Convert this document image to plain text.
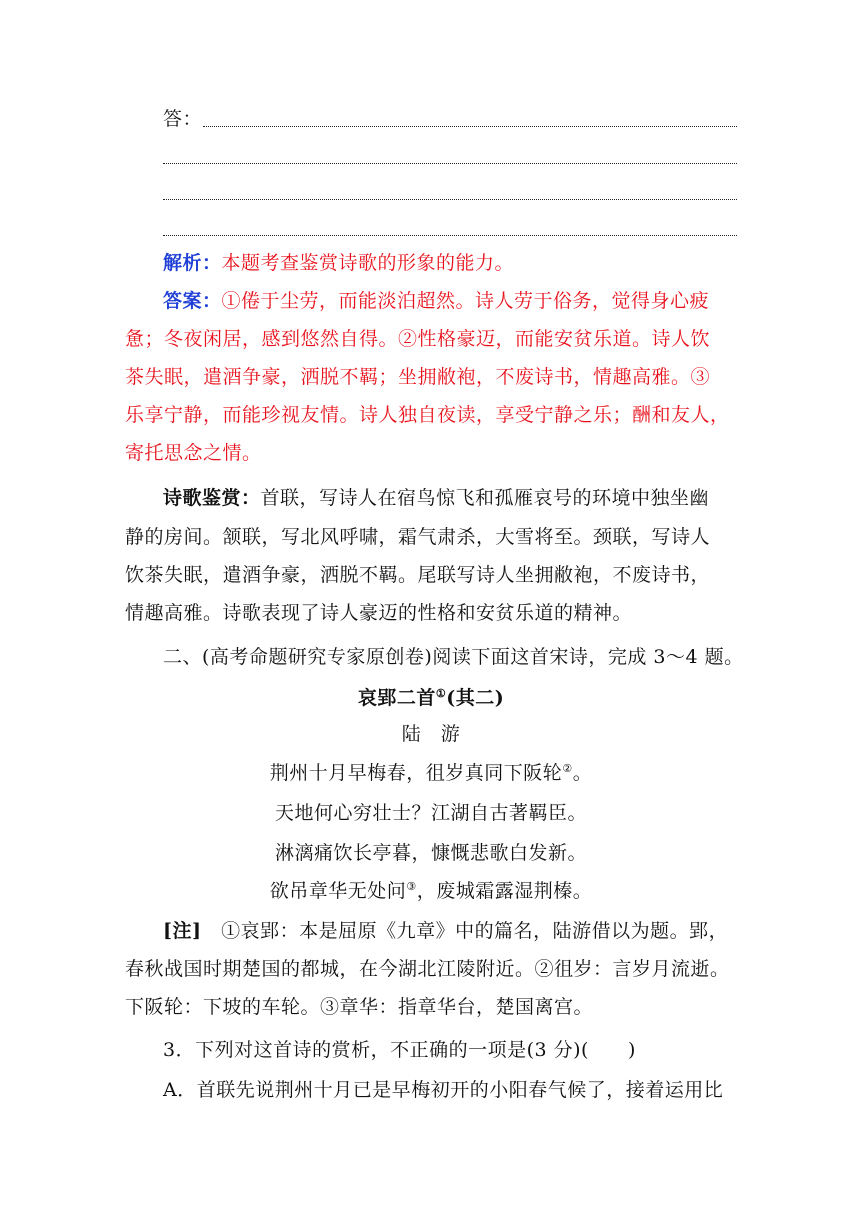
答：
解析：本题考查鉴赏诗歌的形象的能力。
答案：①倦于尘劳，而能淡泊超然。诗人劳于俗务，觉得身心疲
惫；冬夜闲居，感到悠然自得。②性格豪迈，而能安贫乐道。诗人饮
茶失眠，遣酒争豪，洒脱不羁；坐拥敝袍，不废诗书，情趣高雅。③
乐享宁静，而能珍视友情。诗人独自夜读，享受宁静之乐；酬和友人，
寄托思念之情。
诗歌鉴赏：首联，写诗人在宿鸟惊飞和孤雁哀号的环境中独坐幽
静的房间。颔联，写北风呼啸，霜气肃杀，大雪将至。颈联，写诗人
饮茶失眠，遣酒争豪，洒脱不羁。尾联写诗人坐拥敝袍，不废诗书，
情趣高雅。诗歌表现了诗人豪迈的性格和安贫乐道的精神。
二、(高考命题研究专家原创卷)阅读下面这首宋诗，完成 3～4 题。
哀郢二首①(其二)
陆　游
荆州十月早梅春，徂岁真同下阪轮②。
天地何心穷壮士？江湖自古著羁臣。
淋漓痛饮长亭暮，慷慨悲歌白发新。
欲吊章华无处问③，废城霜露湿荆榛。
[注] ①哀郢：本是屈原《九章》中的篇名，陆游借以为题。郢，
春秋战国时期楚国的都城，在今湖北江陵附近。②徂岁：言岁月流逝。
下阪轮：下坡的车轮。③章华：指章华台，楚国离宫。
3．下列对这首诗的赏析，不正确的一项是(3 分)(　　)
A．首联先说荆州十月已是早梅初开的小阳春气候了，接着运用比
